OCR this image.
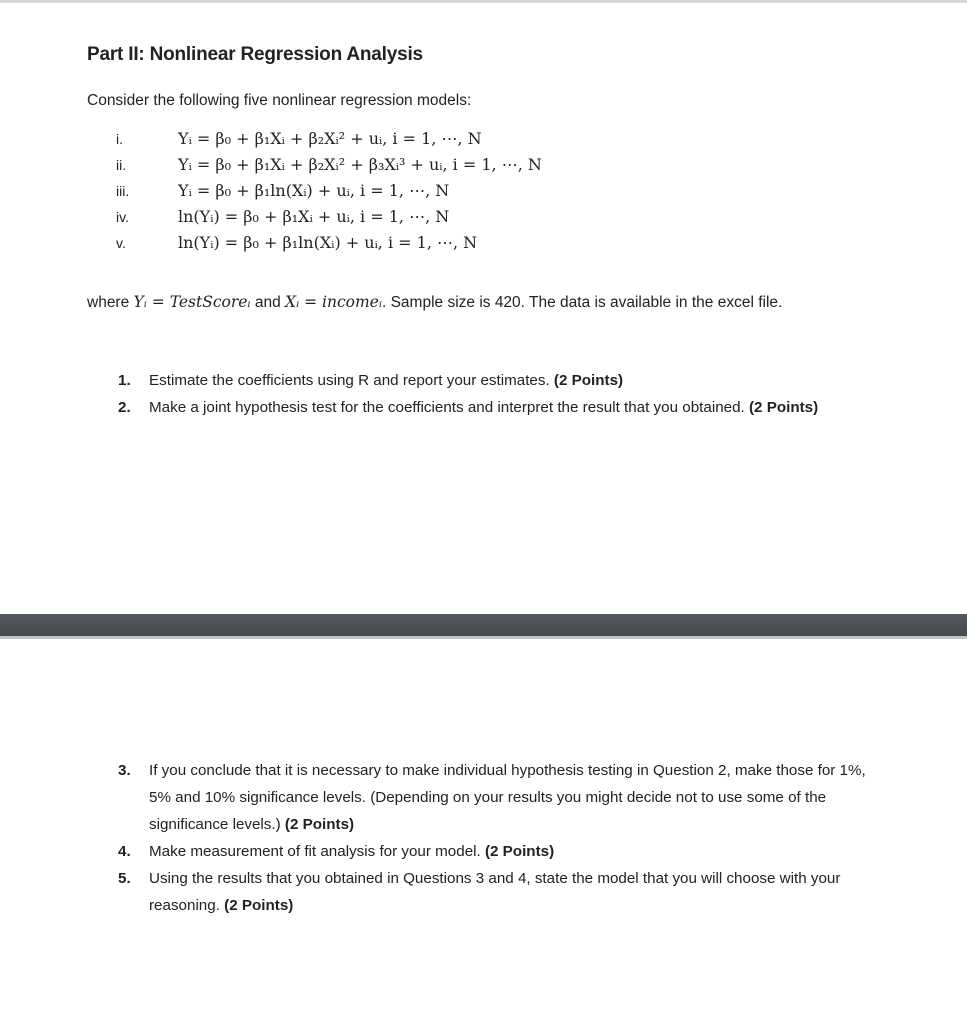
Part II: Nonlinear Regression Analysis
Consider the following five nonlinear regression models:
i.	Yᵢ = β₀ + β₁Xᵢ + β₂Xᵢ² + uᵢ, i = 1, ⋯, N
ii.	Yᵢ = β₀ + β₁Xᵢ + β₂Xᵢ² + β₃Xᵢ³ + uᵢ, i = 1, ⋯, N
iii.	Yᵢ = β₀ + β₁ln(Xᵢ) + uᵢ, i = 1, ⋯, N
iv.	ln(Yᵢ) = β₀ + β₁Xᵢ + uᵢ, i = 1, ⋯, N
v.	ln(Yᵢ) = β₀ + β₁ln(Xᵢ) + uᵢ, i = 1, ⋯, N
where Yᵢ = TestScoreᵢ and Xᵢ = incomeᵢ. Sample size is 420. The data is available in the excel file.
1. Estimate the coefficients using R and report your estimates. (2 Points)
2. Make a joint hypothesis test for the coefficients and interpret the result that you obtained. (2 Points)
3. If you conclude that it is necessary to make individual hypothesis testing in Question 2, make those for 1%, 5% and 10% significance levels. (Depending on your results you might decide not to use some of the significance levels.) (2 Points)
4. Make measurement of fit analysis for your model. (2 Points)
5. Using the results that you obtained in Questions 3 and 4, state the model that you will choose with your reasoning. (2 Points)
